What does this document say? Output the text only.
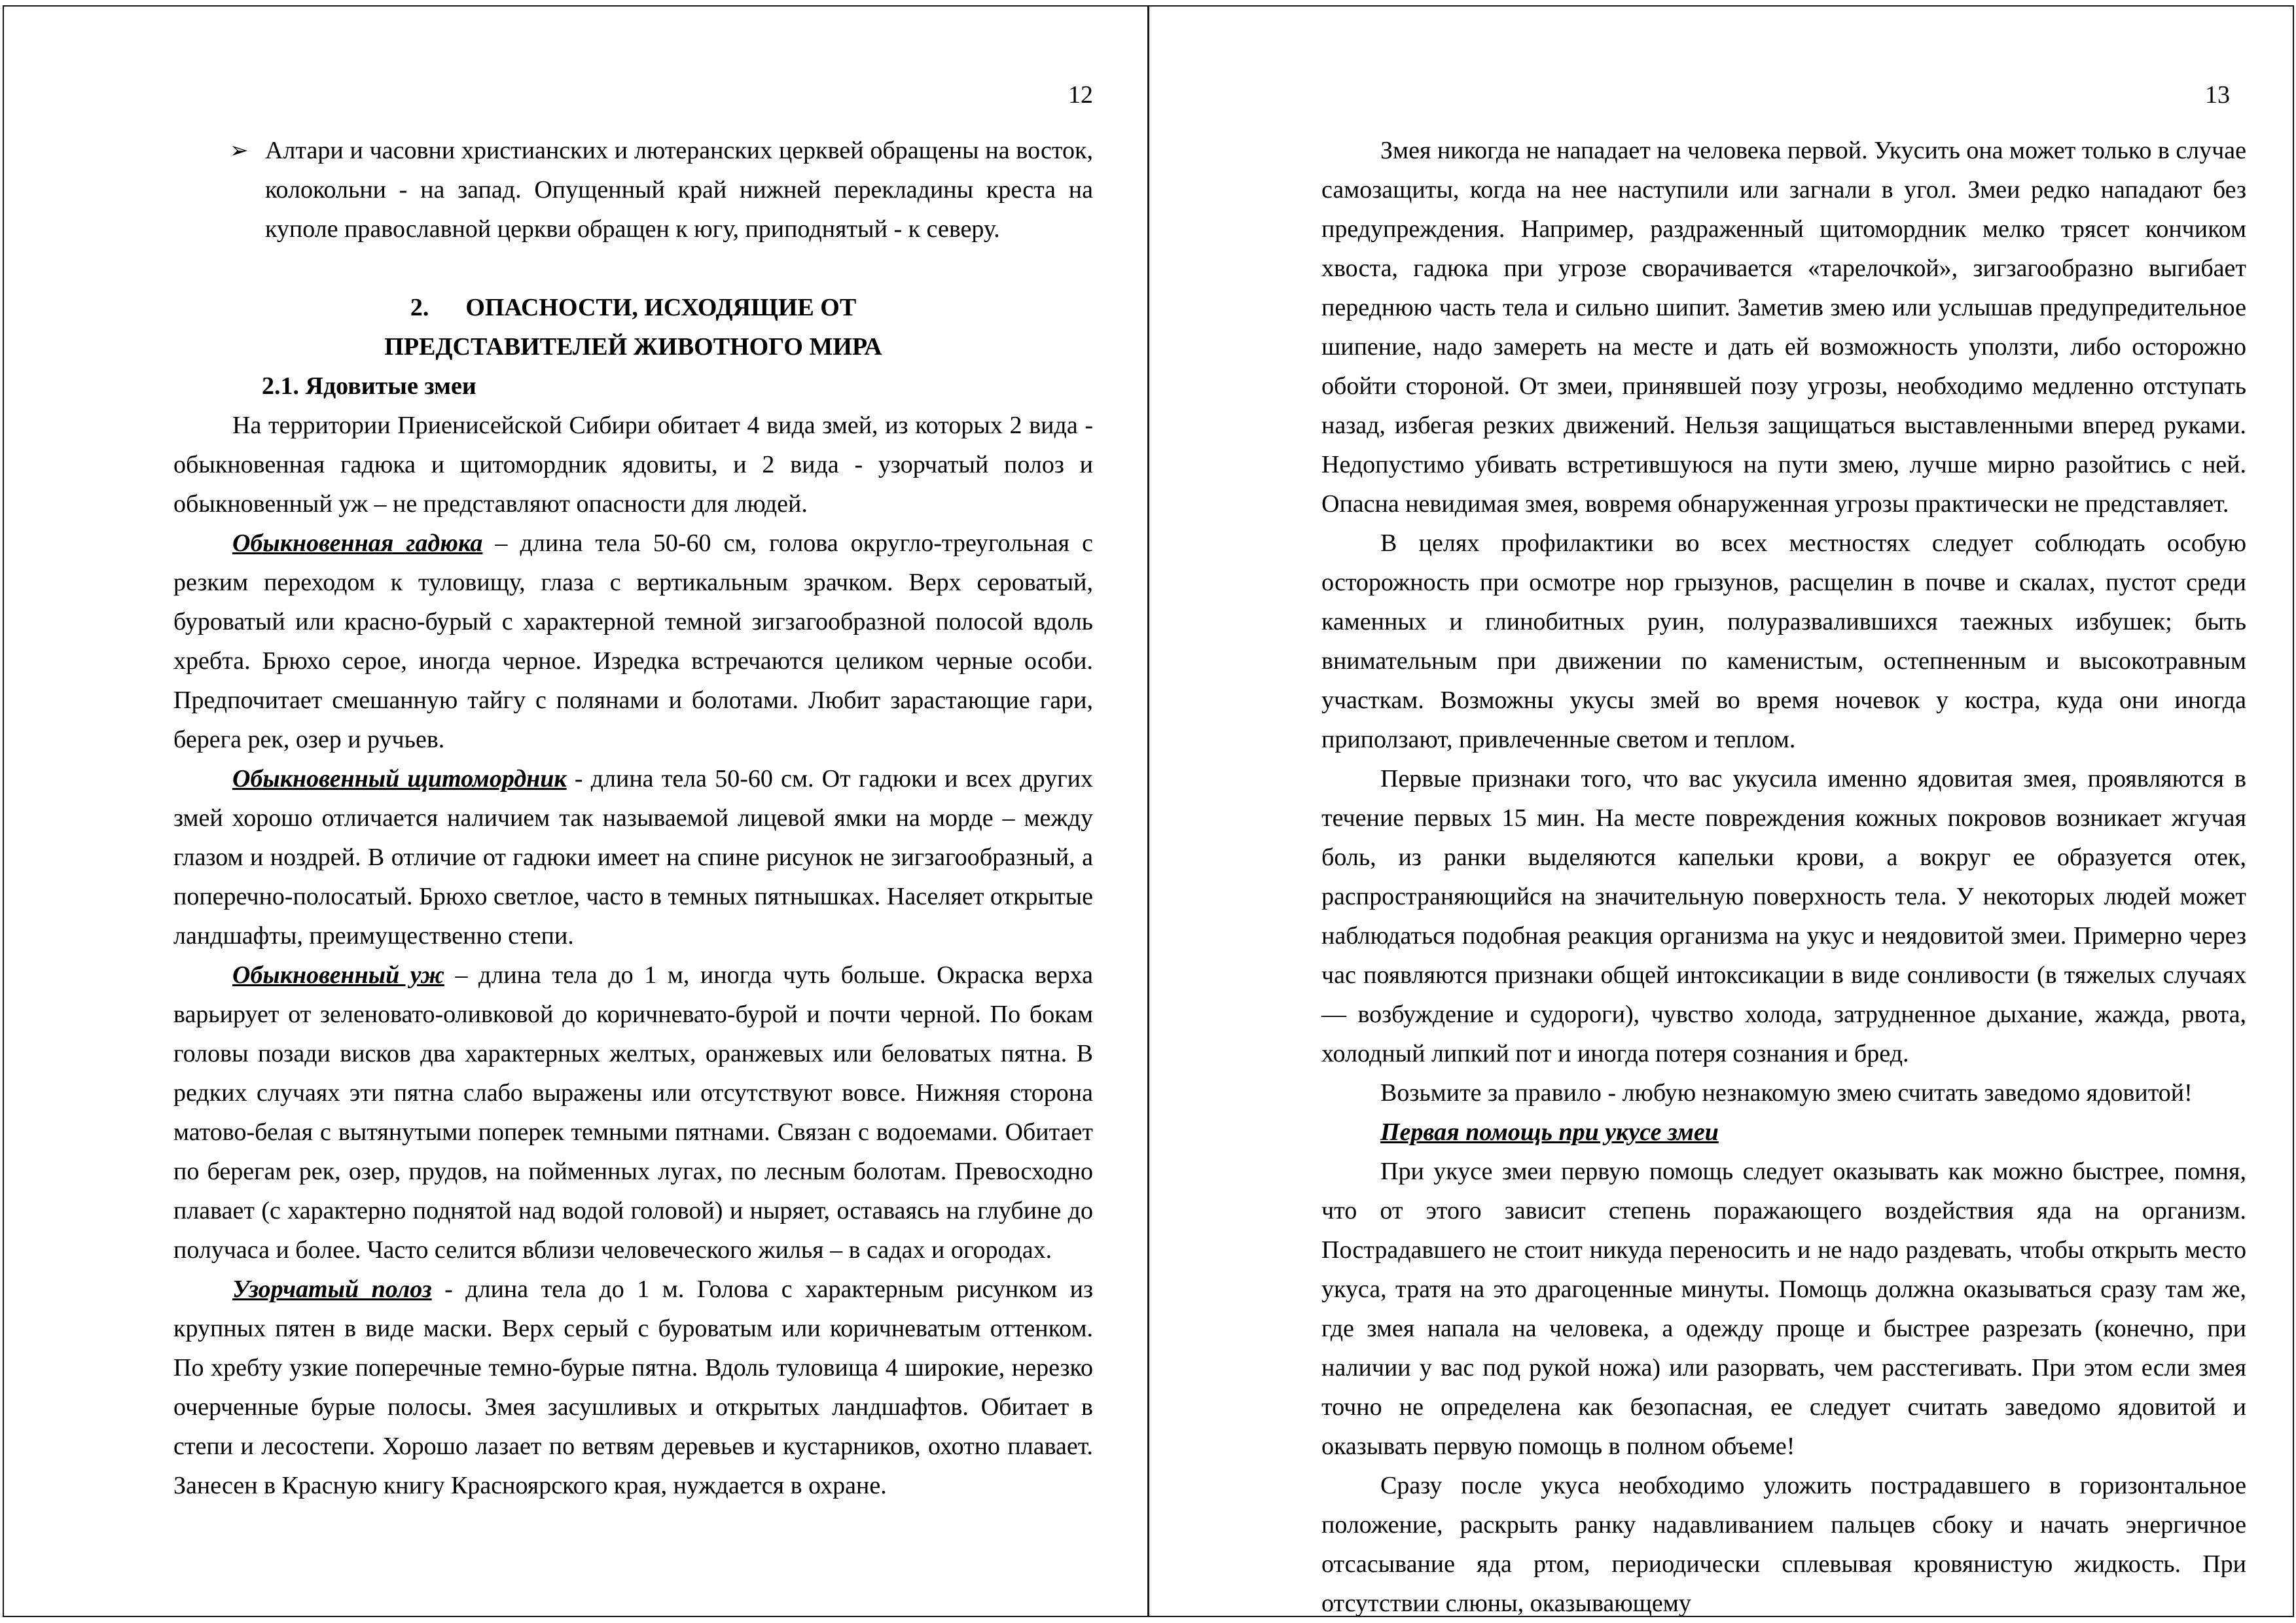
12
➢ Алтари и часовни христианских и лютеранских церквей обращены на восток, колокольни - на запад. Опущенный край нижней перекладины креста на куполе православной церкви обращен к югу, приподнятый - к северу.
2. ОПАСНОСТИ, ИСХОДЯЩИЕ ОТ
ПРЕДСТАВИТЕЛЕЙ ЖИВОТНОГО МИРА
2.1. Ядовитые змеи

На территории Приенисейской Сибири обитает 4 вида змей, из которых 2 вида - обыкновенная гадюка и щитомордник ядовиты, и 2 вида - узорчатый полоз и обыкновенный уж – не представляют опасности для людей.

Обыкновенная гадюка – длина тела 50-60 см, голова округло-треугольная с резким переходом к туловищу, глаза с вертикальным зрачком. Верх сероватый, буроватый или красно-бурый с характерной темной зигзагообразной полосой вдоль хребта. Брюхо серое, иногда черное. Изредка встречаются целиком черные особи. Предпочитает смешанную тайгу с полянами и болотами. Любит зарастающие гари, берега рек, озер и ручьев.

Обыкновенный щитомордник - длина тела 50-60 см. От гадюки и всех других змей хорошо отличается наличием так называемой лицевой ямки на морде – между глазом и ноздрей. В отличие от гадюки имеет на спине рисунок не зигзагообразный, а поперечно-полосатый. Брюхо светлое, часто в темных пятнышках. Населяет открытые ландшафты, преимущественно степи.

Обыкновенный уж – длина тела до 1 м, иногда чуть больше. Окраска верха варьирует от зеленовато-оливковой до коричневато-бурой и почти черной. По бокам головы позади висков два характерных желтых, оранжевых или беловатых пятна. В редких случаях эти пятна слабо выражены или отсутствуют вовсе. Нижняя сторона матово-белая с вытянутыми поперек темными пятнами. Связан с водоемами. Обитает по берегам рек, озер, прудов, на пойменных лугах, по лесным болотам. Превосходно плавает (с характерно поднятой над водой головой) и ныряет, оставаясь на глубине до получаса и более. Часто селится вблизи человеческого жилья – в садах и огородах.

Узорчатый полоз - длина тела до 1 м. Голова с характерным рисунком из крупных пятен в виде маски. Верх серый с буроватым или коричневатым оттенком. По хребту узкие поперечные темно-бурые пятна. Вдоль туловища 4 широкие, нерезко очерченные бурые полосы. Змея засушливых и открытых ландшафтов. Обитает в степи и лесостепи. Хорошо лазает по ветвям деревьев и кустарников, охотно плавает. Занесен в Красную книгу Красноярского края, нуждается в охране.

13

Змея никогда не нападает на человека первой. Укусить она может только в случае самозащиты, когда на нее наступили или загнали в угол. Змеи редко нападают без предупреждения. Например, раздраженный щитомордник мелко трясет кончиком хвоста, гадюка при угрозе сворачивается «тарелочкой», зигзагообразно выгибает переднюю часть тела и сильно шипит. Заметив змею или услышав предупредительное шипение, надо замереть на месте и дать ей возможность уползти, либо осторожно обойти стороной. От змеи, принявшей позу угрозы, необходимо медленно отступать назад, избегая резких движений. Нельзя защищаться выставленными вперед руками. Недопустимо убивать встретившуюся на пути змею, лучше мирно разойтись с ней. Опасна невидимая змея, вовремя обнаруженная угрозы практически не представляет.

В целях профилактики во всех местностях следует соблюдать особую осторожность при осмотре нор грызунов, расщелин в почве и скалах, пустот среди каменных и глинобитных руин, полуразвалившихся таежных избушек; быть внимательным при движении по каменистым, остепненным и высокотравным участкам. Возможны укусы змей во время ночевок у костра, куда они иногда приползают, привлеченные светом и теплом.

Первые признаки того, что вас укусила именно ядовитая змея, проявляются в течение первых 15 мин. На месте повреждения кожных покровов возникает жгучая боль, из ранки выделяются капельки крови, а вокруг ее образуется отек, распространяющийся на значительную поверхность тела. У некоторых людей может наблюдаться подобная реакция организма на укус и неядовитой змеи. Примерно через час появляются признаки общей интоксикации в виде сонливости (в тяжелых случаях — возбуждение и судороги), чувство холода, затрудненное дыхание, жажда, рвота, холодный липкий пот и иногда потеря сознания и бред.

Возьмите за правило - любую незнакомую змею считать заведомо ядовитой!

Первая помощь при укусе змеи

При укусе змеи первую помощь следует оказывать как можно быстрее, помня, что от этого зависит степень поражающего воздействия яда на организм. Пострадавшего не стоит никуда переносить и не надо раздевать, чтобы открыть место укуса, тратя на это драгоценные минуты. Помощь должна оказываться сразу там же, где змея напала на человека, а одежду проще и быстрее разрезать (конечно, при наличии у вас под рукой ножа) или разорвать, чем расстегивать. При этом если змея точно не определена как безопасная, ее следует считать заведомо ядовитой и оказывать первую помощь в полном объеме!

Сразу после укуса необходимо уложить пострадавшего в горизонтальное положение, раскрыть ранку надавливанием пальцев сбоку и начать энергичное отсасывание яда ртом, периодически сплевывая кровянистую жидкость. При отсутствии слюны, оказывающему
